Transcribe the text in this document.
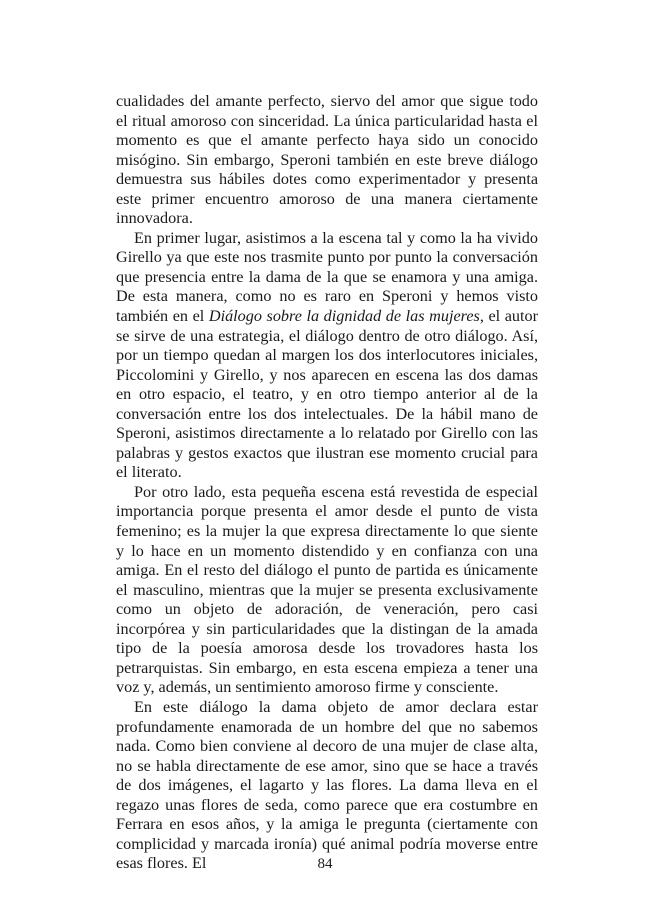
cualidades del amante perfecto, siervo del amor que sigue todo el ritual amoroso con sinceridad. La única particularidad hasta el momento es que el amante perfecto haya sido un conocido misógino. Sin embargo, Speroni también en este breve diálogo demuestra sus hábiles dotes como experimentador y presenta este primer encuentro amoroso de una manera ciertamente innovadora.

En primer lugar, asistimos a la escena tal y como la ha vivido Girello ya que este nos trasmite punto por punto la conversación que presencia entre la dama de la que se enamora y una amiga. De esta manera, como no es raro en Speroni y hemos visto también en el Diálogo sobre la dignidad de las mujeres, el autor se sirve de una estrategia, el diálogo dentro de otro diálogo. Así, por un tiempo quedan al margen los dos interlocutores iniciales, Piccolomini y Girello, y nos aparecen en escena las dos damas en otro espacio, el teatro, y en otro tiempo anterior al de la conversación entre los dos intelectuales. De la hábil mano de Speroni, asistimos directamente a lo relatado por Girello con las palabras y gestos exactos que ilustran ese momento crucial para el literato.

Por otro lado, esta pequeña escena está revestida de especial importancia porque presenta el amor desde el punto de vista femenino; es la mujer la que expresa directamente lo que siente y lo hace en un momento distendido y en confianza con una amiga. En el resto del diálogo el punto de partida es únicamente el masculino, mientras que la mujer se presenta exclusivamente como un objeto de adoración, de veneración, pero casi incorpórea y sin particularidades que la distingan de la amada tipo de la poesía amorosa desde los trovadores hasta los petrarquistas. Sin embargo, en esta escena empieza a tener una voz y, además, un sentimiento amoroso firme y consciente.

En este diálogo la dama objeto de amor declara estar profundamente enamorada de un hombre del que no sabemos nada. Como bien conviene al decoro de una mujer de clase alta, no se habla directamente de ese amor, sino que se hace a través de dos imágenes, el lagarto y las flores. La dama lleva en el regazo unas flores de seda, como parece que era costumbre en Ferrara en esos años, y la amiga le pregunta (ciertamente con complicidad y marcada ironía) qué animal podría moverse entre esas flores. El	84
